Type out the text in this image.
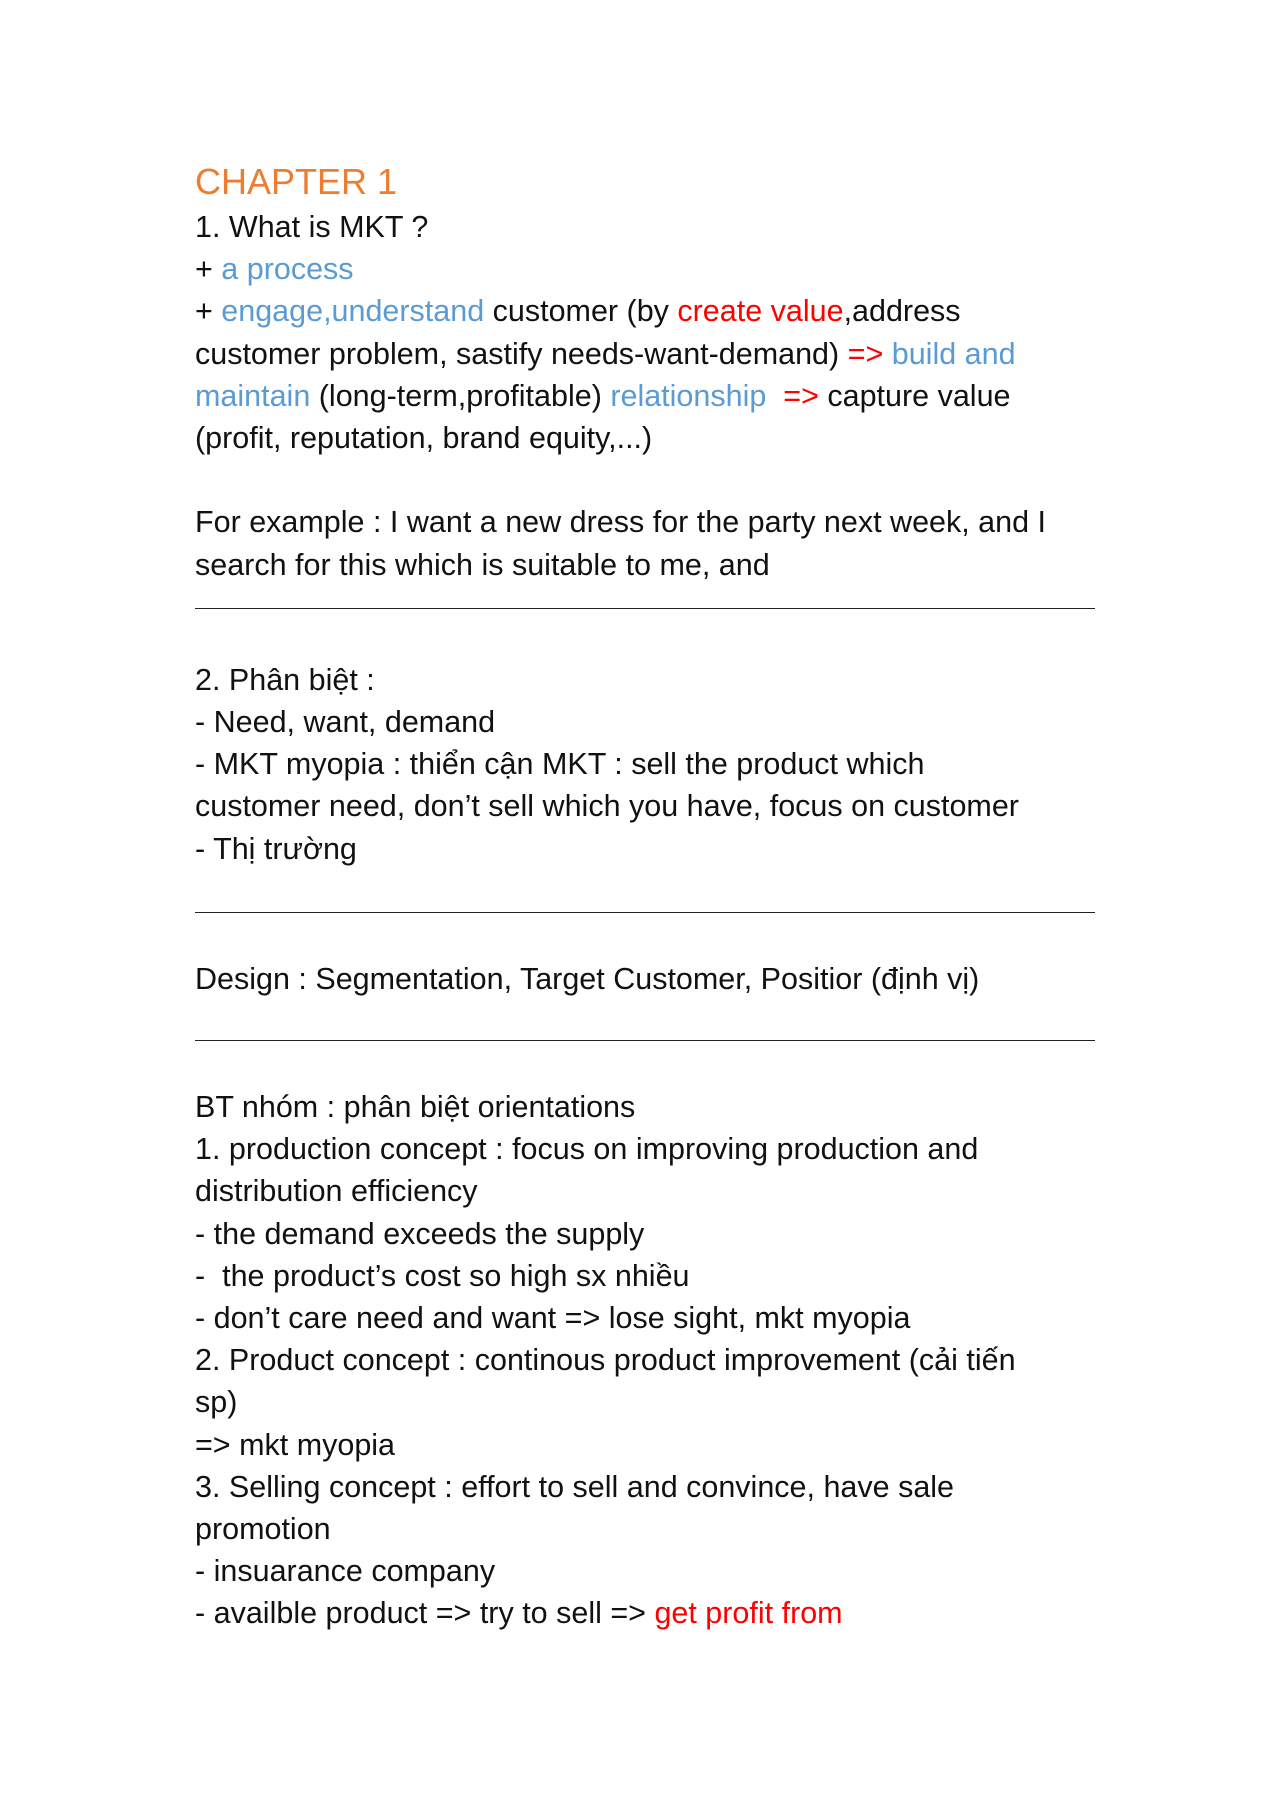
CHAPTER 1
1. What is MKT ?
+ a process
+ engage,understand customer (by create value,address
customer problem, sastify needs-want-demand) => build and
maintain (long-term,profitable) relationship  => capture value
(profit, reputation, brand equity,...)
For example : I want a new dress for the party next week, and I
search for this which is suitable to me, and
2. Phân biệt :
- Need, want, demand
- MKT myopia : thiển cận MKT : sell the product which
customer need, don’t sell which you have, focus on customer
- Thị trường
Design : Segmentation, Target Customer, Positior (định vị)
BT nhóm : phân biệt orientations
1. production concept : focus on improving production and
distribution efficiency
- the demand exceeds the supply
-  the product’s cost so high sx nhiều
- don’t care need and want => lose sight, mkt myopia
2. Product concept : continous product improvement (cải tiến
sp)
=> mkt myopia
3. Selling concept : effort to sell and convince, have sale
promotion
- insuarance company
- availble product => try to sell => get profit from
